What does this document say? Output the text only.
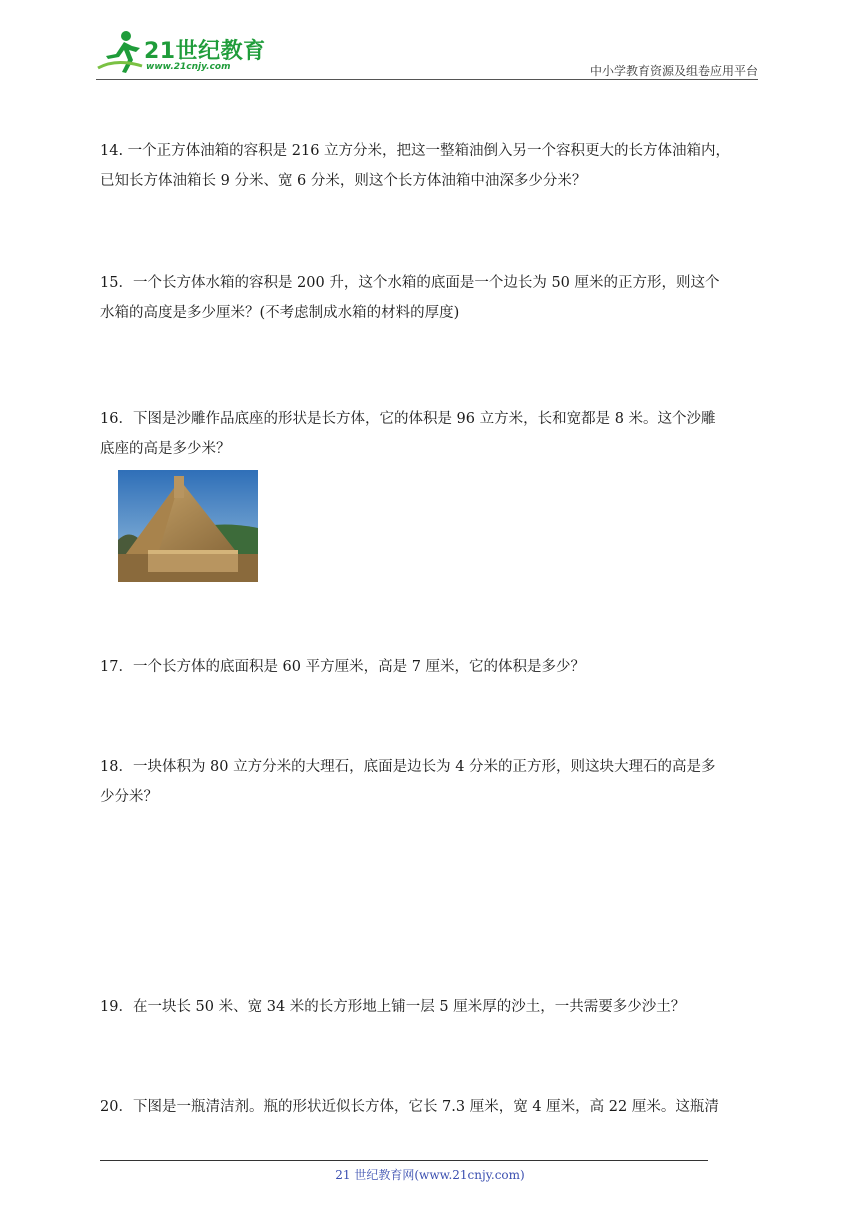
21世纪教育
www.21cnjy.com	中小学教育资源及组卷应用平台
14. 一个正方体油箱的容积是 216 立方分米，把这一整箱油倒入另一个容积更大的长方体油箱内，
已知长方体油箱长 9 分米、宽 6 分米，则这个长方体油箱中油深多少分米？
15．一个长方体水箱的容积是 200 升，这个水箱的底面是一个边长为 50 厘米的正方形，则这个
水箱的高度是多少厘米？(不考虑制成水箱的材料的厚度)
16．下图是沙雕作品底座的形状是长方体，它的体积是 96 立方米，长和宽都是 8 米。这个沙雕
底座的高是多少米？
17．一个长方体的底面积是 60 平方厘米，高是 7 厘米，它的体积是多少？
18．一块体积为 80 立方分米的大理石，底面是边长为 4 分米的正方形，则这块大理石的高是多
少分米？
19．在一块长 50 米、宽 34 米的长方形地上铺一层 5 厘米厚的沙土，一共需要多少沙土？
20．下图是一瓶清洁剂。瓶的形状近似长方体，它长 7.3 厘米，宽 4 厘米，高 22 厘米。这瓶清
21 世纪教育网(www.21cnjy.com)
